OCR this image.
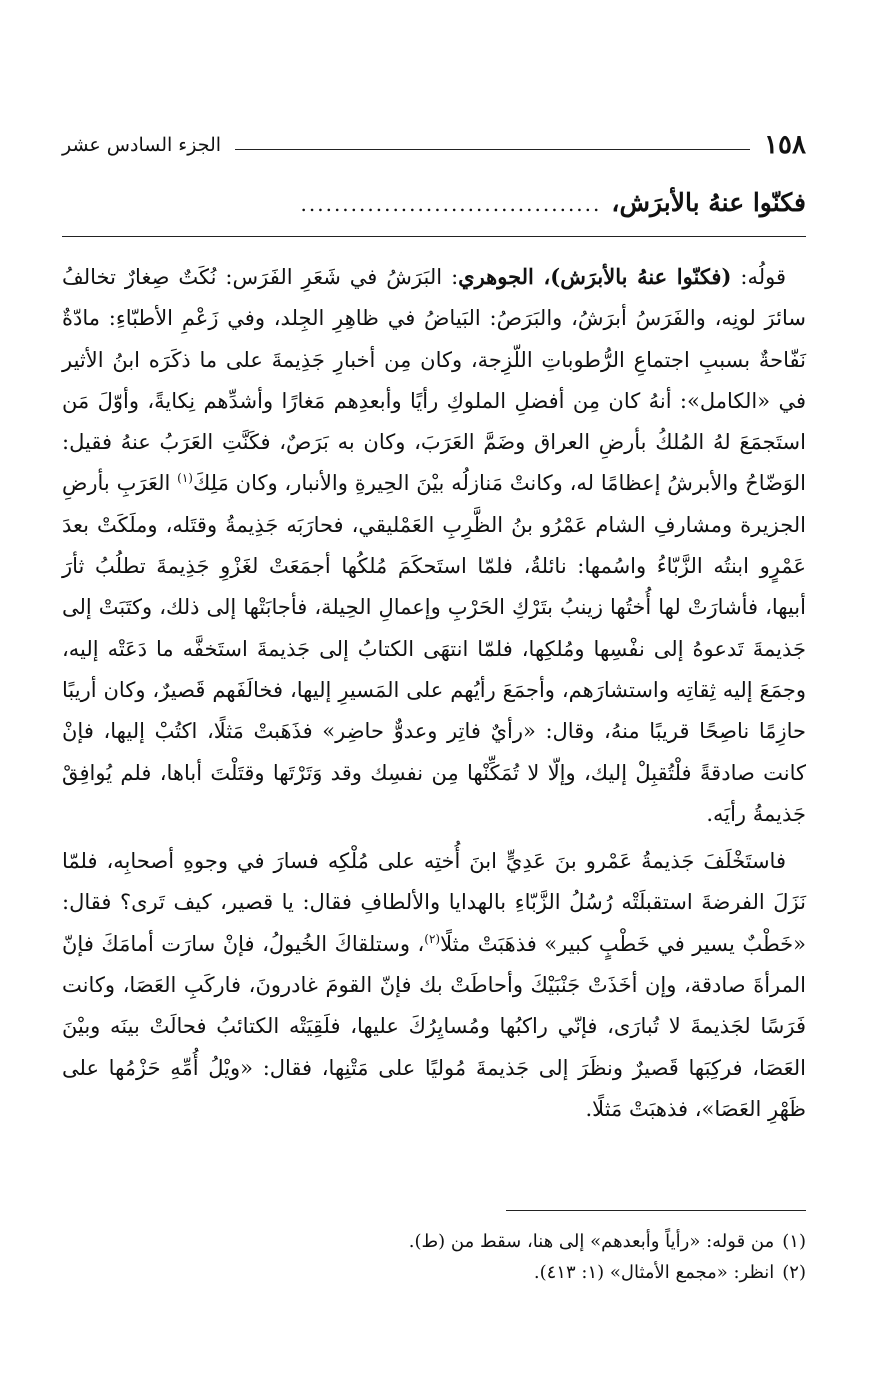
١٥٨
الجزء السادس عشر
فكنّوا عنهُ بالأبرَش،
....................................

قولُه: (فكنّوا عنهُ بالأبرَش)، الجوهري: البَرَشُ في شَعَرِ الفَرَس: نُكَتٌ صِغارٌ تخالفُ سائرَ لونِه، والفَرَسُ أبرَشُ، والبَرَصُ: البَياضُ في ظاهِرِ الجِلد، وفي زَعْمِ الأطبّاءِ: مادّةٌ نَفّاحةٌ بسببِ اجتماعِ الرُّطوباتِ اللّزِجة، وكان مِن أخبارِ جَذِيمةَ على ما ذكَرَه ابنُ الأثير في «الكامل»: أنهُ كان مِن أفضلِ الملوكِ رأيًا وأبعدِهم مَغارًا وأشدِّهم نِكايةً، وأوّلَ مَن استَجمَعَ لهُ المُلكُ بأرضِ العراق وضَمَّ العَرَبَ، وكان به بَرَصٌ، فكَنَّتِ العَرَبُ عنهُ فقيل: الوَضّاحُ والأبرشُ إعظامًا له، وكانتْ مَنازلُه بيْنَ الحِيرةِ والأنبار، وكان مَلِكَ$^{(١)}$ العَرَبِ بأرضِ الجزيرة ومشارفِ الشام عَمْرُو بنُ الظَّرِبِ العَمْليقي، فحارَبَه جَذِيمةُ وقتَله، وملَكَتْ بعدَ عَمْرٍو ابنتُه الزَّبّاءُ واسُمها: نائلةُ، فلمّا استَحكَمَ مُلكُها أجمَعَتْ لغَزْوِ جَذِيمةَ تطلُبُ ثأرَ أبيها، فأشارَتْ لها أُختُها زينبُ بتَرْكِ الحَرْبِ وإعمالِ الحِيلة، فأجابَتْها إلى ذلك، وكتَبَتْ إلى جَذيمةَ تَدعوهُ إلى نفْسِها ومُلكِها، فلمّا انتهَى الكتابُ إلى جَذيمةَ استَخفَّه ما دَعَتْه إليه، وجمَعَ إليه ثِقاتِه واستشارَهم، وأجمَعَ رأيُهم على المَسيرِ إليها، فخالَفَهم قَصيرٌ، وكان أريبًا حازِمًا ناصِحًا قريبًا منهُ، وقال: «رأيٌ فاتِر وعدوٌّ حاضِر» فذَهَبتْ مَثلًا، اكتُبْ إليها، فإنْ كانت صادقةً فلْتُقبِلْ إليك، وإلّا لا تُمَكِّنْها مِن نفسِك وقد وَتَرْتَها وقتَلْتَ أباها، فلم يُوافِقْ جَذيمةُ رأيَه.

فاستَخْلَفَ جَذيمةُ عَمْرو بنَ عَدِيٍّ ابنَ أُختِه على مُلْكِه فسارَ في وجوهِ أصحابِه، فلمّا نَزَلَ الفرضةَ استقبلَتْه رُسُلُ الزَّبّاءِ بالهدايا والألطافِ فقال: يا قصير، كيف تَرى؟ فقال: «خَطْبٌ يسير في خَطْبٍ كبير» فذهَبَتْ مثلًا$^{(٢)}$، وستلقاكَ الخُيولُ، فإنْ سارَت أمامَكَ فإنّ المرأةَ صادقة، وإن أخَذَتْ جَنْبَيْكَ وأحاطَتْ بك فإنّ القومَ غادرونَ، فاركَبِ العَصَا، وكانت فَرَسًا لجَذيمةَ لا تُبارَى، فإنّي راكبُها ومُسايِرُكَ عليها، فلَقِيَتْه الكتائبُ فحالَتْ بينَه وبيْنَ العَصَا، فركِبَها قَصيرٌ ونظَرَ إلى جَذيمةَ مُوليًا على مَتْنِها، فقال: «ويْلُ أُمِّهِ حَزْمُها على ظَهْرِ العَصَا»، فذهبَتْ مَثلًا.

(١)
من قوله: «رأياً وأبعدهم» إلى هنا، سقط من (ط).
(٢)
انظر: «مجمع الأمثال» (١: ٤١٣).
